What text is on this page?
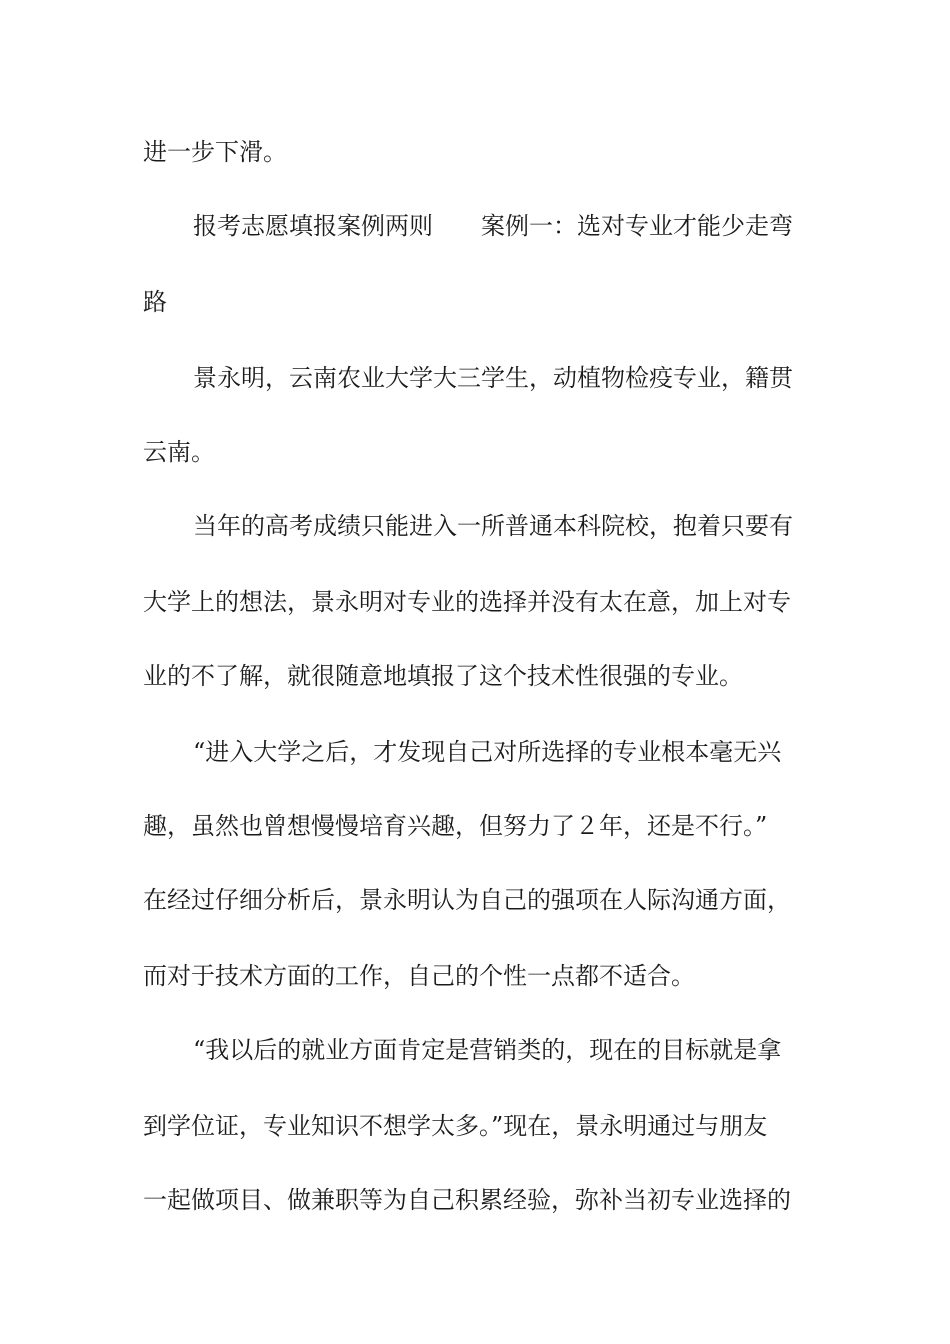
进一步下滑。
报考志愿填报案例两则　　案例一：选对专业才能少走弯
路
景永明，云南农业大学大三学生，动植物检疫专业，籍贯
云南。
当年的高考成绩只能进入一所普通本科院校，抱着只要有
大学上的想法，景永明对专业的选择并没有太在意，加上对专
业的不了解，就很随意地填报了这个技术性很强的专业。
“进入大学之后，才发现自己对所选择的专业根本毫无兴
趣，虽然也曾想慢慢培育兴趣，但努力了２年，还是不行。”
在经过仔细分析后，景永明认为自己的强项在人际沟通方面，
而对于技术方面的工作，自己的个性一点都不适合。
“我以后的就业方面肯定是营销类的，现在的目标就是拿
到学位证，专业知识不想学太多。”现在，景永明通过与朋友
一起做项目、做兼职等为自己积累经验，弥补当初专业选择的
